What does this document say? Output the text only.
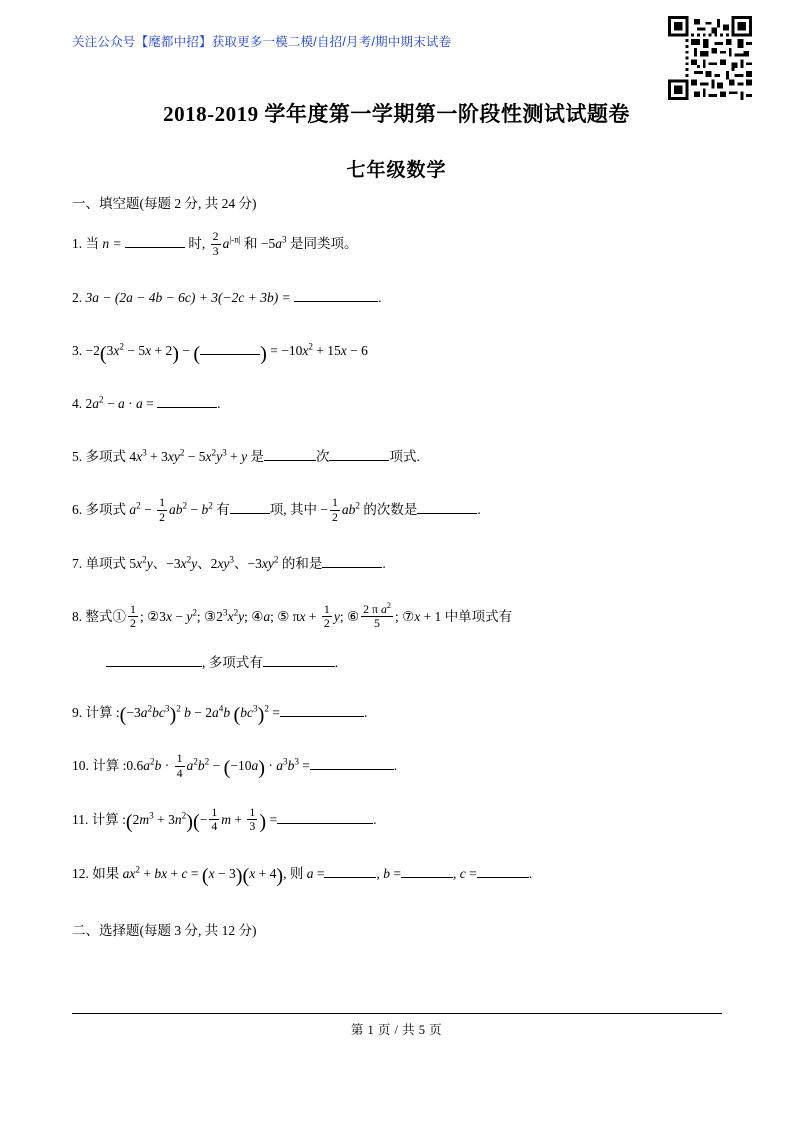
关注公众号【麾都中招】获取更多一模二模/自招/月考/期中期末试卷
2018-2019 学年度第一学期第一阶段性测试试题卷
七年级数学
一、填空题(每题 2 分, 共 24 分)
1. 当 n =	时, $\frac{2}{3} a^{|-n|}$ 和 $-5a^3$ 是同类项。
2. 3a − (2a − 4b − 6c) + 3(−2c + 3b) =	.
3. $-2(3x^2 - 5x + 2)$ − (	) = $-10x^2 + 15x - 6$
4. $2a^2 - a \cdot a$ =	.
5. 多项式 $4x^3 + 3xy^2 - 5x^2y^3 + y$ 是	次	项式.
6. 多项式 $a^2 - \frac{1}{2} ab^2 - b^2$ 有	项, 其中 − $\frac{1}{2} ab^2$ 的次数是	.
7. 单项式 $5x^2y$、$-3x^2y$、$2xy^3$、$-3xy^2$ 的和是	.
8. 整式① $\frac{1}{2}$ ; ②3x − $y^2$; $③2^3x^2y$; ④a; ⑤ $\pi x + \frac{1}{2} y$; ⑥ $\frac{2 \pi a^2}{5}$ ; ⑦x + 1 中单项式有
, 多项式有	.
9. 计算 $:(-3a^2bc^3)^2$ $b - 2a^4b$ $(bc^3)^2$ =	.
10. 计算 $:0.6a^2b \cdot \frac{1}{4} a^2b^2 - (-10a) \cdot a^3b^3$ =	.
11. 计算 $:(2m^3 + 3n^2)(- \frac{1}{4}$ $m + \frac{1}{3}$ ) =	.
12. 如果 $ax^2$ + bx + c = (x − 3)(x + 4), 则 a =	, b =	, c =	.
二、选择题(每题 3 分, 共 12 分)
第 1 页 / 共 5 页
